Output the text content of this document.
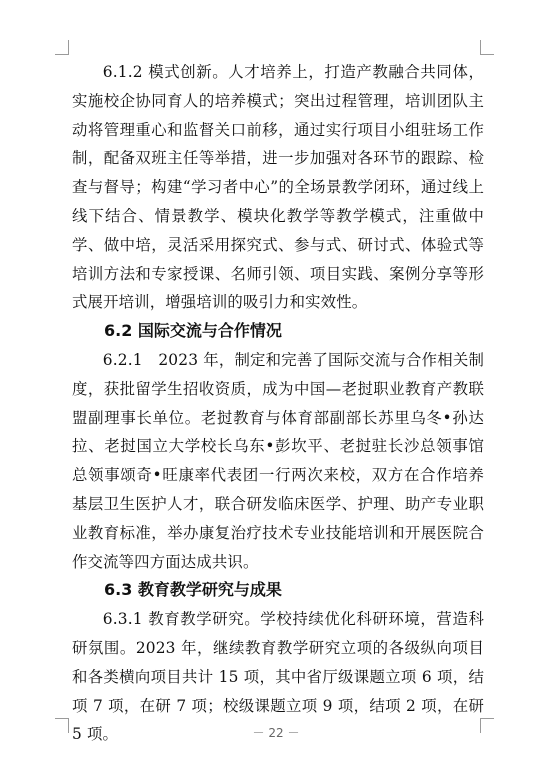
6.1.2 模式创新。人才培养上，打造产教融合共同体，实施校企协同育人的培养模式；突出过程管理，培训团队主动将管理重心和监督关口前移，通过实行项目小组驻场工作制，配备双班主任等举措，进一步加强对各环节的跟踪、检查与督导；构建“学习者中心”的全场景教学闭环，通过线上线下结合、情景教学、模块化教学等教学模式，注重做中学、做中培，灵活采用探究式、参与式、研讨式、体验式等培训方法和专家授课、名师引领、项目实践、案例分享等形式展开培训，增强培训的吸引力和实效性。

6.2 国际交流与合作情况

6.2.1　2023 年，制定和完善了国际交流与合作相关制度，获批留学生招收资质，成为中国—老挝职业教育产教联盟副理事长单位。老挝教育与体育部副部长苏里乌冬•孙达拉、老挝国立大学校长乌东•彭坎平、老挝驻长沙总领事馆总领事颂奇•旺康率代表团一行两次来校，双方在合作培养基层卫生医护人才，联合研发临床医学、护理、助产专业职业教育标准，举办康复治疗技术专业技能培训和开展医院合作交流等四方面达成共识。

6.3 教育教学研究与成果

6.3.1 教育教学研究。学校持续优化科研环境，营造科研氛围。2023 年，继续教育教学研究立项的各级纵向项目和各类横向项目共计 15 项，其中省厅级课题立项 6 项，结项 7 项，在研 7 项；校级课题立项 9 项，结项 2 项，在研 5 项。	－ 22 －
